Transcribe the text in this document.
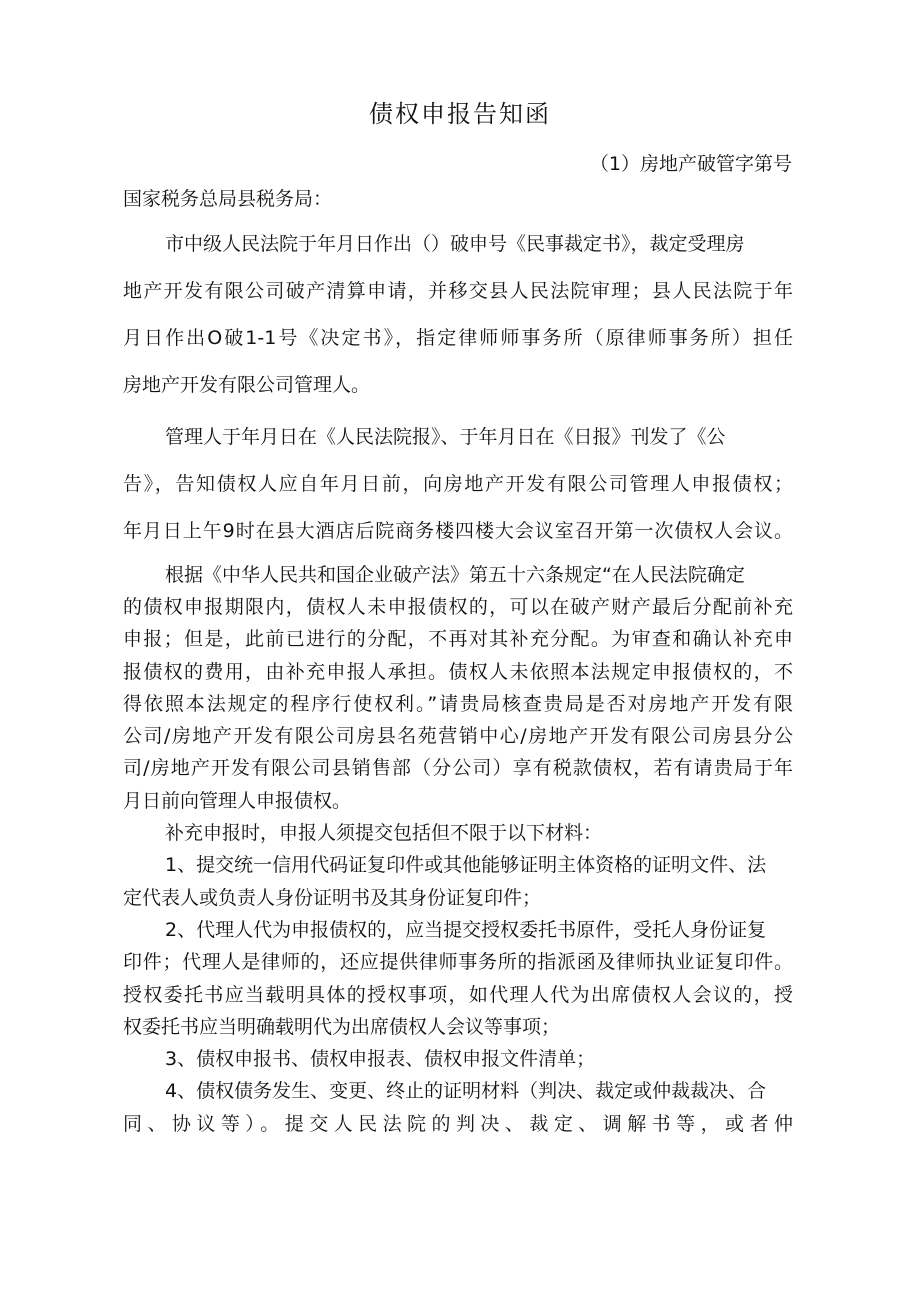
债权申报告知函
（1）房地产破管字第号
国家税务总局县税务局：
市中级人民法院于年月日作出（）破申号《民事裁定书》，裁定受理房
地产开发有限公司破产清算申请，并移交县人民法院审理；县人民法院于年
月日作出O破1-1号《决定书》，指定律师师事务所（原律师事务所）担任
房地产开发有限公司管理人。
管理人于年月日在《人民法院报》、于年月日在《日报》刊发了《公
告》，告知债权人应自年月日前，向房地产开发有限公司管理人申报债权；
年月日上午9时在县大酒店后院商务楼四楼大会议室召开第一次债权人会议。
根据《中华人民共和国企业破产法》第五十六条规定“在人民法院确定
的债权申报期限内，债权人未申报债权的，可以在破产财产最后分配前补充
申报；但是，此前已进行的分配，不再对其补充分配。为审查和确认补充申
报债权的费用，由补充申报人承担。债权人未依照本法规定申报债权的，不
得依照本法规定的程序行使权利。”请贵局核查贵局是否对房地产开发有限
公司/房地产开发有限公司房县名苑营销中心/房地产开发有限公司房县分公
司/房地产开发有限公司县销售部（分公司）享有税款债权，若有请贵局于年
月日前向管理人申报债权。
补充申报时，申报人须提交包括但不限于以下材料：
1、提交统一信用代码证复印件或其他能够证明主体资格的证明文件、法
定代表人或负责人身份证明书及其身份证复印件；
2、代理人代为申报债权的，应当提交授权委托书原件，受托人身份证复
印件；代理人是律师的，还应提供律师事务所的指派函及律师执业证复印件。
授权委托书应当载明具体的授权事项，如代理人代为出席债权人会议的，授
权委托书应当明确载明代为出席债权人会议等事项；
3、债权申报书、债权申报表、债权申报文件清单；
4、债权债务发生、变更、终止的证明材料（判决、裁定或仲裁裁决、合
同、协议等）。提交人民法院的判决、裁定、调解书等，或者仲
